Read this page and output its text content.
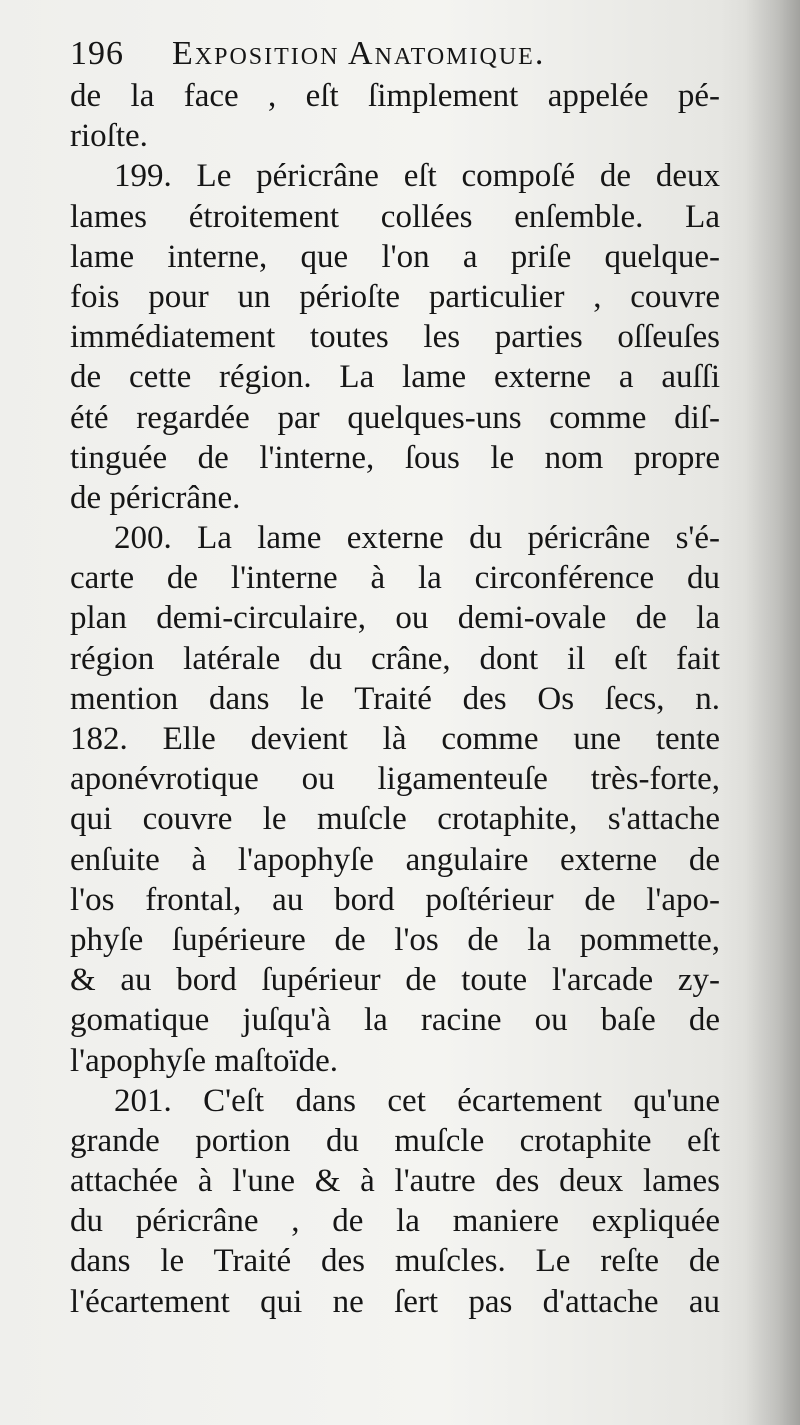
196 Exposition Anatomique.
de la face , eſt ſimplement appelée pé-
rioſte.
199. Le péricrâne eſt compoſé de deux
lames étroitement collées enſemble. La
lame interne, que l'on a priſe quelque-
fois pour un périoſte particulier , couvre
immédiatement toutes les parties oſſeuſes
de cette région. La lame externe a auſſi
été regardée par quelques-uns comme diſ-
tinguée de l'interne, ſous le nom propre
de péricrâne.
200. La lame externe du péricrâne s'é-
carte de l'interne à la circonférence du
plan demi-circulaire, ou demi-ovale de la
région latérale du crâne, dont il eſt fait
mention dans le Traité des Os ſecs, n.
182. Elle devient là comme une tente
aponévrotique ou ligamenteuſe très-forte,
qui couvre le muſcle crotaphite, s'attache
enſuite à l'apophyſe angulaire externe de
l'os frontal, au bord poſtérieur de l'apo-
phyſe ſupérieure de l'os de la pommette,
& au bord ſupérieur de toute l'arcade zy-
gomatique juſqu'à la racine ou baſe de
l'apophyſe maſtoïde.
201. C'eſt dans cet écartement qu'une
grande portion du muſcle crotaphite eſt
attachée à l'une & à l'autre des deux lames
du péricrâne , de la maniere expliquée
dans le Traité des muſcles. Le reſte de
l'écartement qui ne ſert pas d'attache au
